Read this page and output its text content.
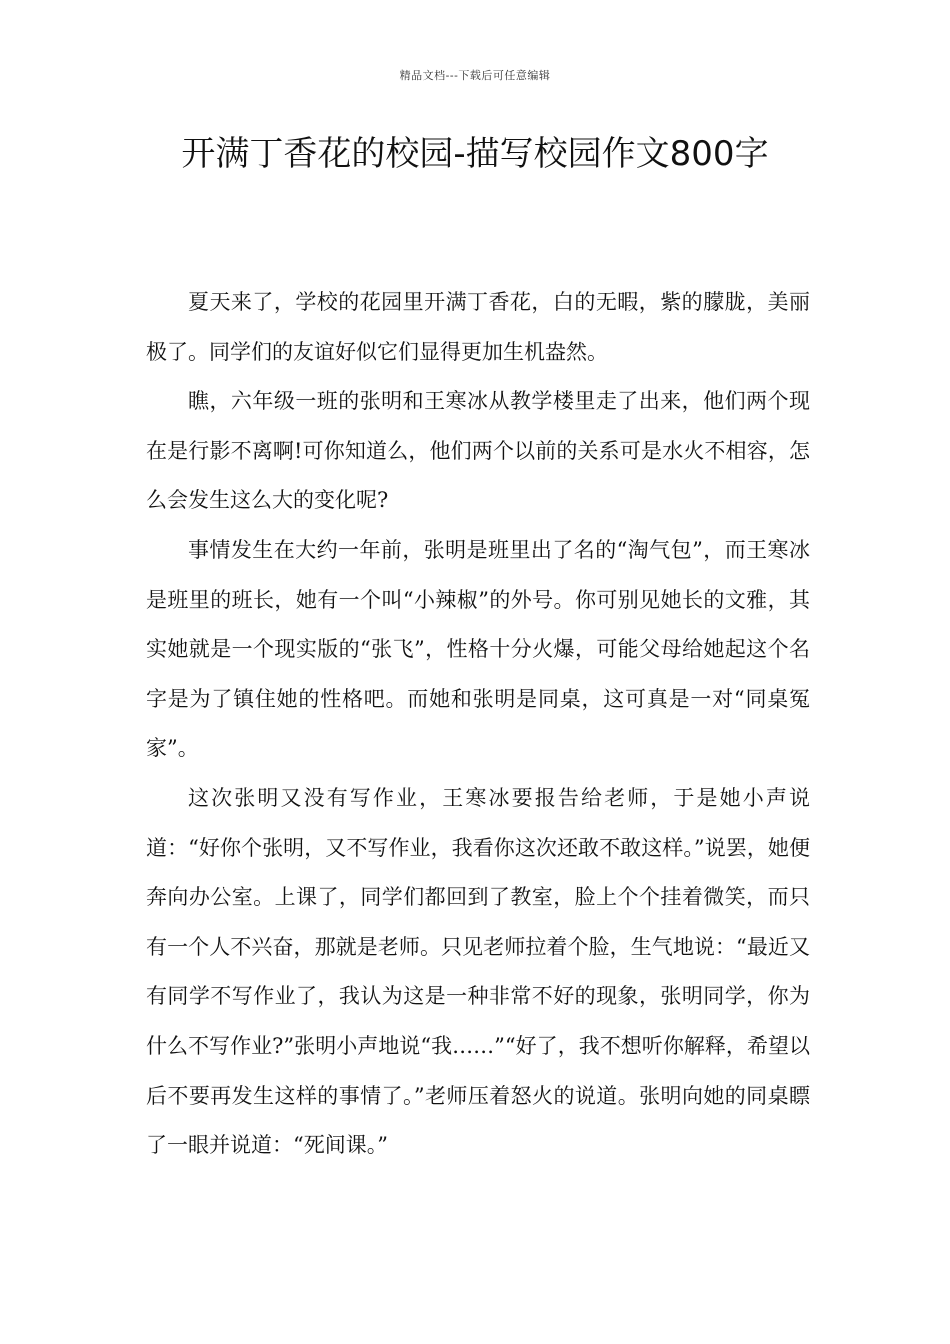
精品文档---下载后可任意编辑
开满丁香花的校园-描写校园作文800字

夏天来了，学校的花园里开满丁香花，白的无暇，紫的朦胧，美丽极了。同学们的友谊好似它们显得更加生机盎然。

瞧，六年级一班的张明和王寒冰从教学楼里走了出来，他们两个现在是行影不离啊!可你知道么，他们两个以前的关系可是水火不相容，怎么会发生这么大的变化呢?

事情发生在大约一年前，张明是班里出了名的“淘气包”，而王寒冰是班里的班长，她有一个叫“小辣椒”的外号。你可别见她长的文雅，其实她就是一个现实版的“张飞”，性格十分火爆，可能父母给她起这个名字是为了镇住她的性格吧。而她和张明是同桌，这可真是一对“同桌冤家”。

这次张明又没有写作业，王寒冰要报告给老师，于是她小声说道：“好你个张明，又不写作业，我看你这次还敢不敢这样。”说罢，她便奔向办公室。上课了，同学们都回到了教室，脸上个个挂着微笑，而只有一个人不兴奋，那就是老师。只见老师拉着个脸，生气地说：“最近又有同学不写作业了，我认为这是一种非常不好的现象，张明同学，你为什么不写作业?”张明小声地说“我……”“好了，我不想听你解释，希望以后不要再发生这样的事情了。”老师压着怒火的说道。张明向她的同桌瞟了一眼并说道：“死间课。”
